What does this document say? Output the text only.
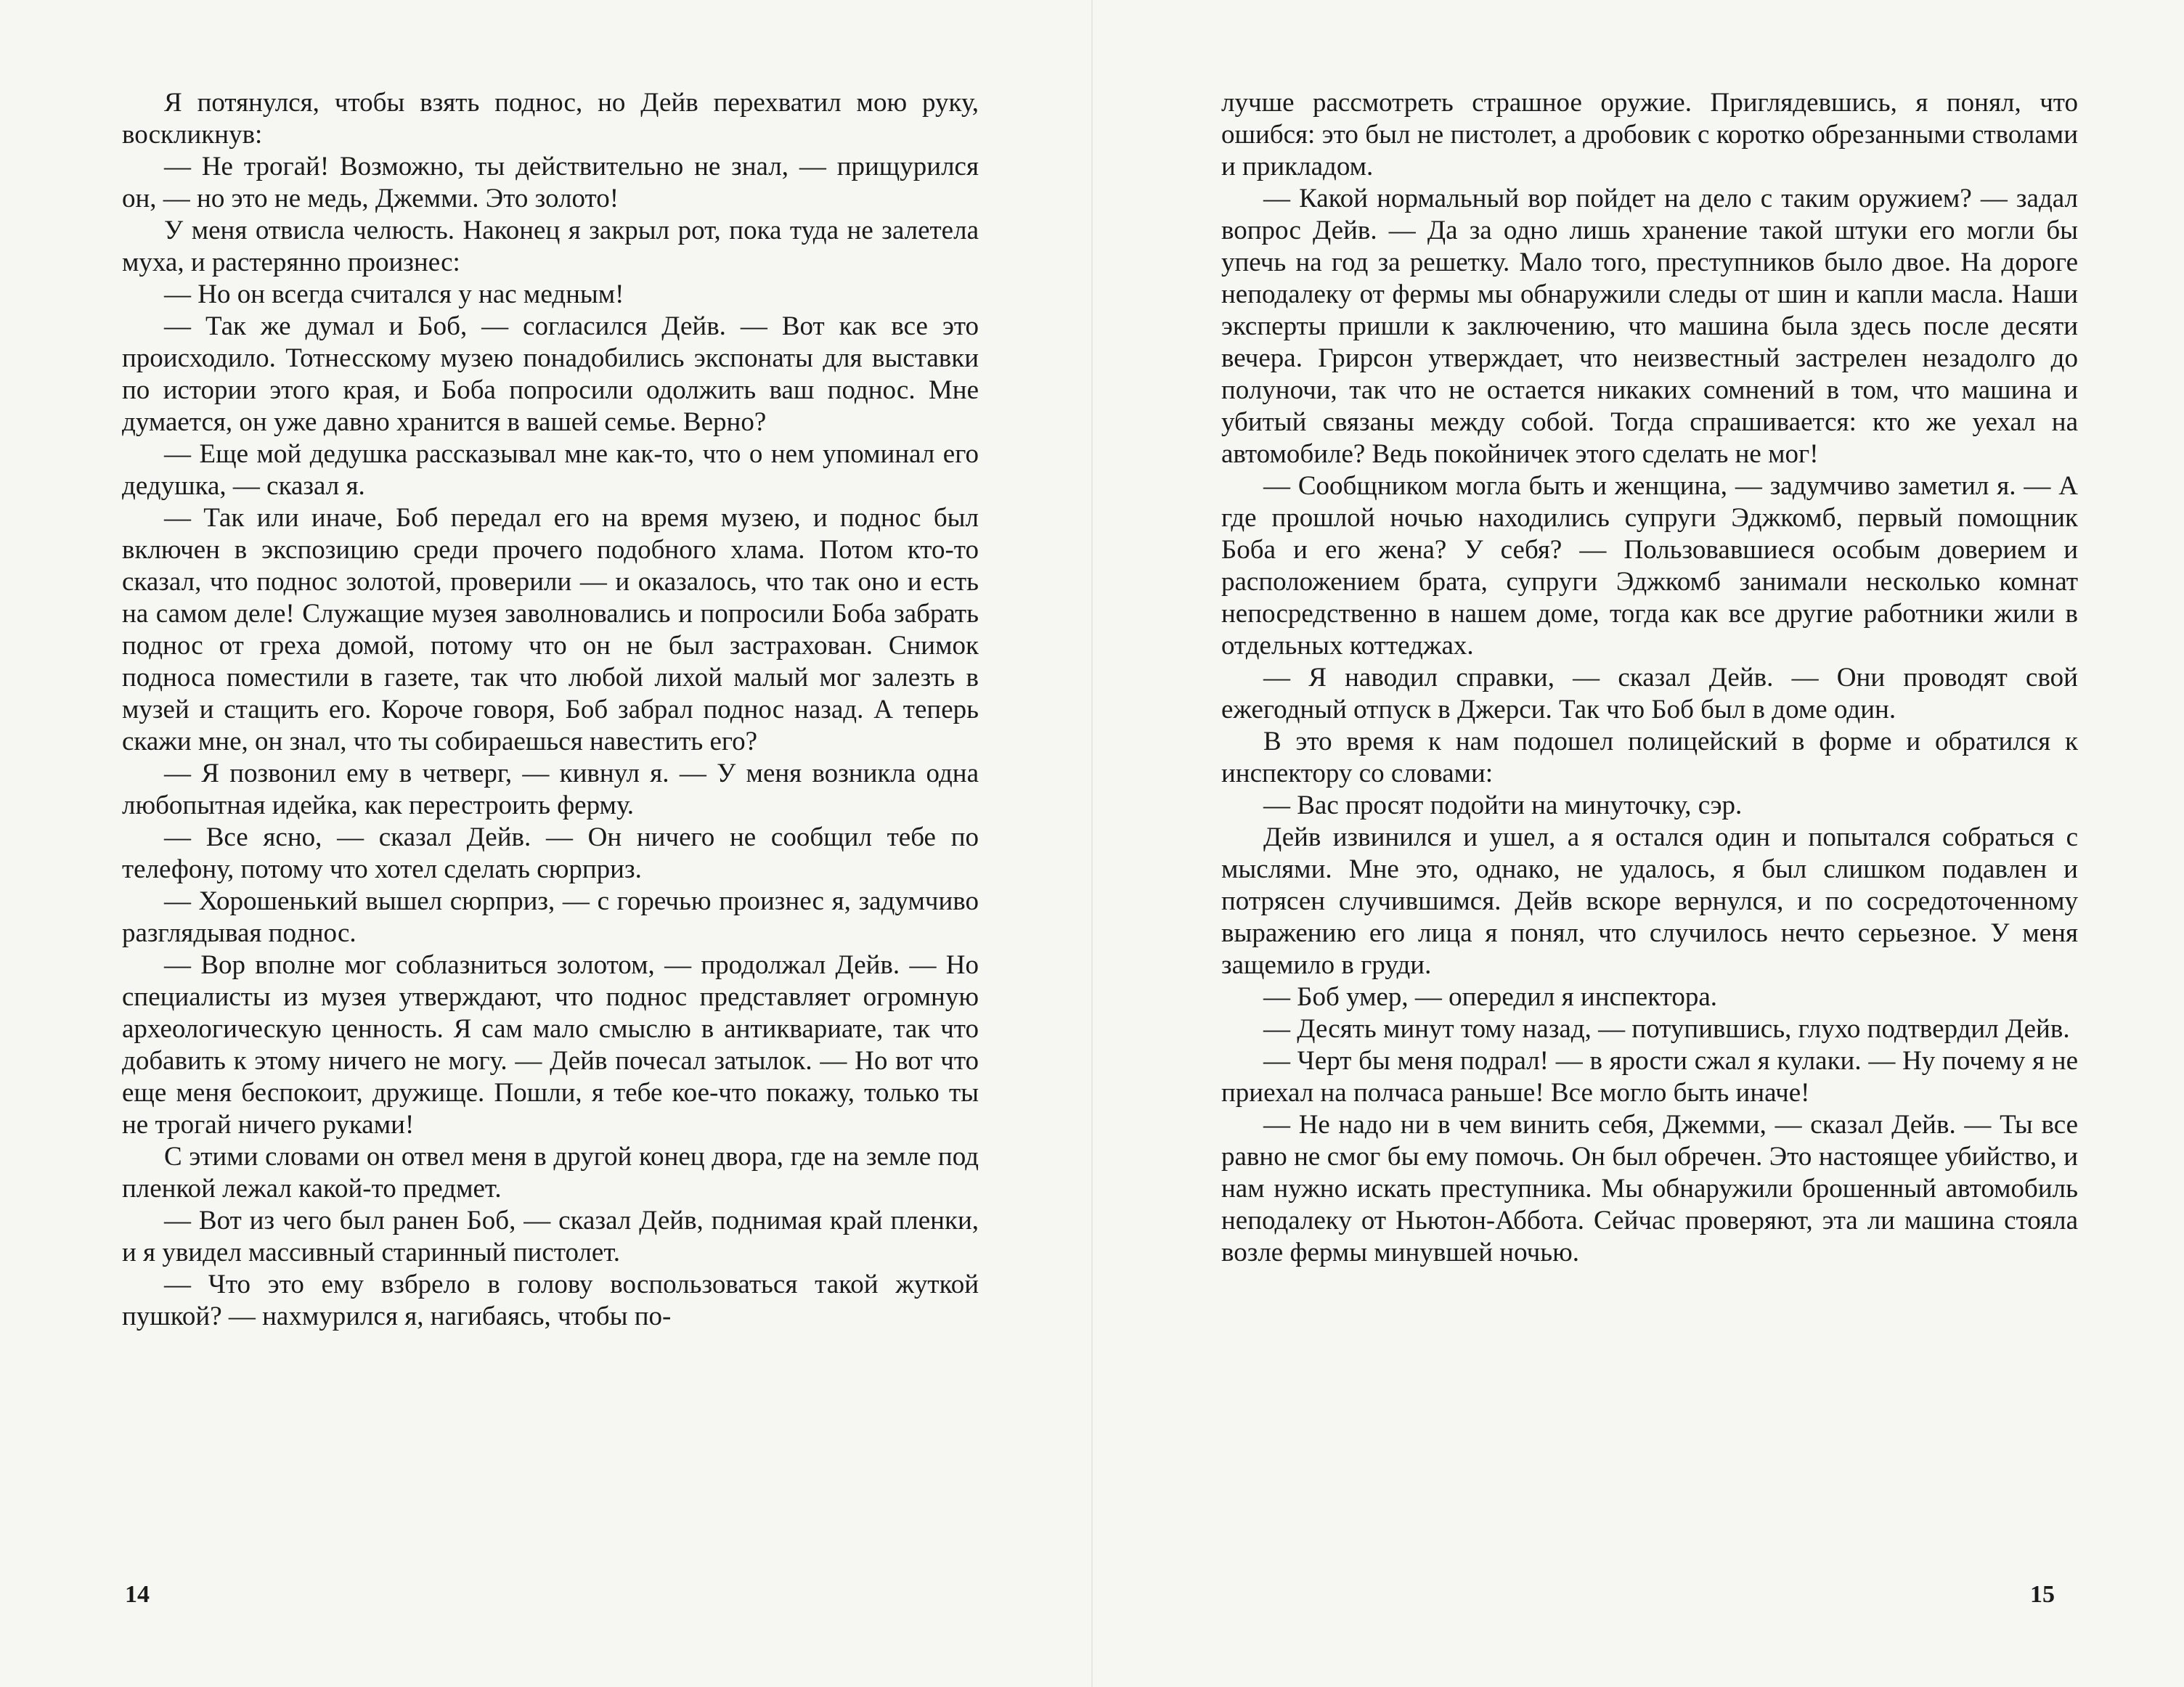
Я потянулся, чтобы взять поднос, но Дейв перехватил мою руку, воскликнув:

— Не трогай! Возможно, ты действительно не знал, — прищурился он, — но это не медь, Джемми. Это золото!

У меня отвисла челюсть. Наконец я закрыл рот, пока туда не залетела муха, и растерянно произнес:

— Но он всегда считался у нас медным!

— Так же думал и Боб, — согласился Дейв. — Вот как все это происходило. Тотнесскому музею понадобились экспонаты для выставки по истории этого края, и Боба попросили одолжить ваш поднос. Мне думается, он уже давно хранится в вашей семье. Верно?

— Еще мой дедушка рассказывал мне как-то, что о нем упоминал его дедушка, — сказал я.

— Так или иначе, Боб передал его на время музею, и поднос был включен в экспозицию среди прочего подобного хлама. Потом кто-то сказал, что поднос золотой, проверили — и оказалось, что так оно и есть на самом деле! Служащие музея заволновались и попросили Боба забрать поднос от греха домой, потому что он не был застрахован. Снимок подноса поместили в газете, так что любой лихой малый мог залезть в музей и стащить его. Короче говоря, Боб забрал поднос назад. А теперь скажи мне, он знал, что ты собираешься навестить его?

— Я позвонил ему в четверг, — кивнул я. — У меня возникла одна любопытная идейка, как перестроить ферму.

— Все ясно, — сказал Дейв. — Он ничего не сообщил тебе по телефону, потому что хотел сделать сюрприз.

— Хорошенький вышел сюрприз, — с горечью произнес я, задумчиво разглядывая поднос.

— Вор вполне мог соблазниться золотом, — продолжал Дейв. — Но специалисты из музея утверждают, что поднос представляет огромную археологическую ценность. Я сам мало смыслю в антиквариате, так что добавить к этому ничего не могу. — Дейв почесал затылок. — Но вот что еще меня беспокоит, дружище. Пошли, я тебе кое-что покажу, только ты не трогай ничего руками!

С этими словами он отвел меня в другой конец двора, где на земле под пленкой лежал какой-то предмет.

— Вот из чего был ранен Боб, — сказал Дейв, поднимая край пленки, и я увидел массивный старинный пистолет.

— Что это ему взбрело в голову воспользоваться такой жуткой пушкой? — нахмурился я, нагибаясь, чтобы по-

14

лучше рассмотреть страшное оружие. Приглядевшись, я понял, что ошибся: это был не пистолет, а дробовик с коротко обрезанными стволами и прикладом.

— Какой нормальный вор пойдет на дело с таким оружием? — задал вопрос Дейв. — Да за одно лишь хранение такой штуки его могли бы упечь на год за решетку. Мало того, преступников было двое. На дороге неподалеку от фермы мы обнаружили следы от шин и капли масла. Наши эксперты пришли к заключению, что машина была здесь после десяти вечера. Грирсон утверждает, что неизвестный застрелен незадолго до полуночи, так что не остается никаких сомнений в том, что машина и убитый связаны между собой. Тогда спрашивается: кто же уехал на автомобиле? Ведь покойничек этого сделать не мог!

— Сообщником могла быть и женщина, — задумчиво заметил я. — А где прошлой ночью находились супруги Эджкомб, первый помощник Боба и его жена? У себя? — Пользовавшиеся особым доверием и расположением брата, супруги Эджкомб занимали несколько комнат непосредственно в нашем доме, тогда как все другие работники жили в отдельных коттеджах.

— Я наводил справки, — сказал Дейв. — Они проводят свой ежегодный отпуск в Джерси. Так что Боб был в доме один.

В это время к нам подошел полицейский в форме и обратился к инспектору со словами:

— Вас просят подойти на минуточку, сэр.

Дейв извинился и ушел, а я остался один и попытался собраться с мыслями. Мне это, однако, не удалось, я был слишком подавлен и потрясен случившимся. Дейв вскоре вернулся, и по сосредоточенному выражению его лица я понял, что случилось нечто серьезное. У меня защемило в груди.

— Боб умер, — опередил я инспектора.

— Десять минут тому назад, — потупившись, глухо подтвердил Дейв.

— Черт бы меня подрал! — в ярости сжал я кулаки. — Ну почему я не приехал на полчаса раньше! Все могло быть иначе!

— Не надо ни в чем винить себя, Джемми, — сказал Дейв. — Ты все равно не смог бы ему помочь. Он был обречен. Это настоящее убийство, и нам нужно искать преступника. Мы обнаружили брошенный автомобиль неподалеку от Ньютон-Аббота. Сейчас проверяют, эта ли машина стояла возле фермы минувшей ночью.

15
